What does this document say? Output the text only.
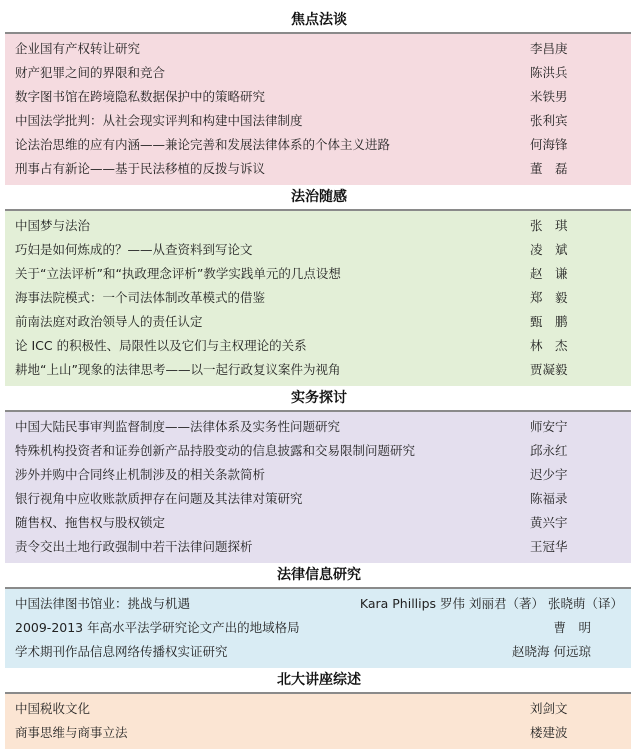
焦点法谈
企业国有产权转让研究	李昌庚
财产犯罪之间的界限和竞合	陈洪兵
数字图书馆在跨境隐私数据保护中的策略研究	米铁男
中国法学批判：从社会现实评判和构建中国法律制度	张利宾
论法治思维的应有内涵——兼论完善和发展法律体系的个体主义进路	何海锋
刑事占有新论——基于民法移植的反拨与诉议	董　磊
法治随感
中国梦与法治	张　琪
巧妇是如何炼成的？——从查资料到写论文	凌　斌
关于“立法评析”和“执政理念评析”教学实践单元的几点设想	赵　谦
海事法院模式：一个司法体制改革模式的借鉴	郑　毅
前南法庭对政治领导人的责任认定	甄　鹏
论 ICC 的积极性、局限性以及它们与主权理论的关系	林　杰
耕地“上山”现象的法律思考——以一起行政复议案件为视角	贾凝毅
实务探讨
中国大陆民事审判监督制度——法律体系及实务性问题研究	师安宁
特殊机构投资者和证券创新产品持股变动的信息披露和交易限制问题研究	邱永红
涉外并购中合同终止机制涉及的相关条款简析	迟少宇
银行视角中应收账款质押存在问题及其法律对策研究	陈福录
随售权、拖售权与股权锁定	黄兴宇
责令交出土地行政强制中若干法律问题探析	王冠华
法律信息研究
中国法律图书馆业：挑战与机遇	Kara Phillips 罗伟 刘丽君（著） 张晓萌（译）
2009-2013 年高水平法学研究论文产出的地域格局	曹　明
学术期刊作品信息网络传播权实证研究	赵晓海 何远琼
北大讲座综述
中国税收文化	刘剑文
商事思维与商事立法	楼建波
